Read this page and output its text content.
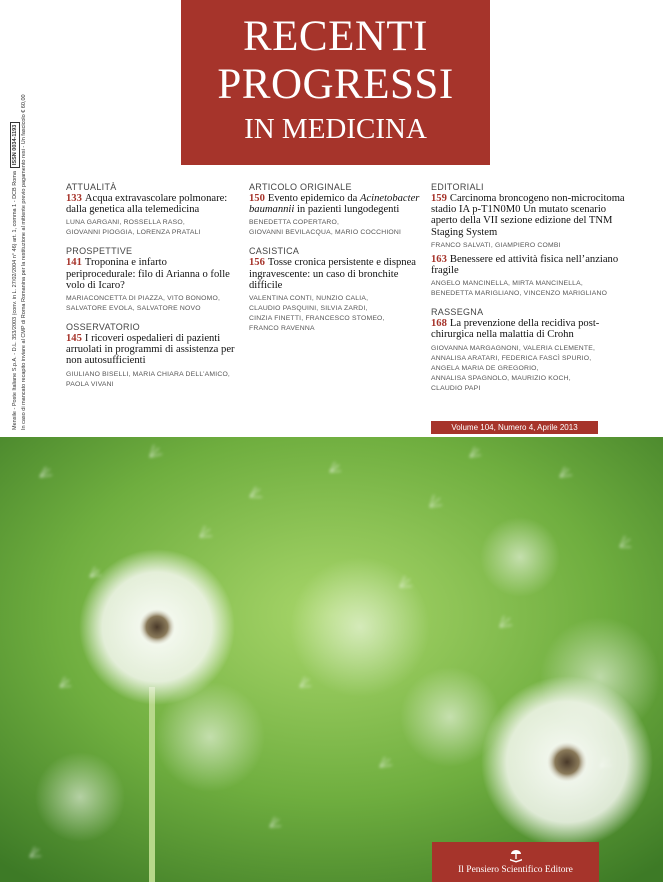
RECENTI
PROGRESSI
IN MEDICINA
Mensile - Poste Italiane S.p.A. - D.L. 353/2003 (conv. in L. 27/02/2004 n° 46) art. 1, comma 1 - DCB RomaISSN 0034-1193 In caso di mancato recapito inviare al CMP di Roma Romanina per la restituzione al mittente previo pagamento resi - Un fascicolo € 60,00	ATTUALITÀ
133 Acqua extravascolare polmonare: dalla genetica alla telemedicina
LUNA GARGANI, ROSSELLA RASO,
GIOVANNI PIOGGIA, LORENZA PRATALI
PROSPETTIVE
141 Troponina e infarto periprocedurale: filo di Arianna o folle volo di Icaro?
MARIACONCETTA DI PIAZZA, VITO BONOMO,
SALVATORE EVOLA, SALVATORE NOVO
OSSERVATORIO
145 I ricoveri ospedalieri di pazienti arruolati in programmi di assistenza per non autosufficienti
GIULIANO BISELLI, MARIA CHIARA DELL’AMICO,
PAOLA VIVANI
ARTICOLO ORIGINALE
150 Evento epidemico da Acinetobacter baumannii in pazienti lungodegenti
BENEDETTA COPERTARO,
GIOVANNI BEVILACQUA, MARIO COCCHIONI
CASISTICA
156 Tosse cronica persistente e dispnea ingravescente: un caso di bronchite difficile
VALENTINA CONTI, NUNZIO CALIA,
CLAUDIO PASQUINI, SILVIA ZARDI,
CINZIA FINETTI, FRANCESCO STOMEO,
FRANCO RAVENNA
EDITORIALI
159 Carcinoma broncogeno non-microcitoma stadio IA p-T1N0M0 Un mutato scenario aperto della VII sezione edizione del TNM Staging System
FRANCO SALVATI, GIAMPIERO COMBI
163 Benessere ed attività fisica nell’anziano fragile
ANGELO MANCINELLA, MIRTA MANCINELLA,
BENEDETTA MARIGLIANO, VINCENZO MARIGLIANO
RASSEGNA
168 La prevenzione della recidiva post-chirurgica nella malattia di Crohn
GIOVANNA MARGAGNONI, VALERIA CLEMENTE,
ANNALISA ARATARI, FEDERICA FASCÌ SPURIO,
ANGELA MARIA DE GREGORIO,
ANNALISA SPAGNOLO, MAURIZIO KOCH,
CLAUDIO PAPI
Volume 104, Numero 4, Aprile 2013
Il Pensiero Scientifico Editore
